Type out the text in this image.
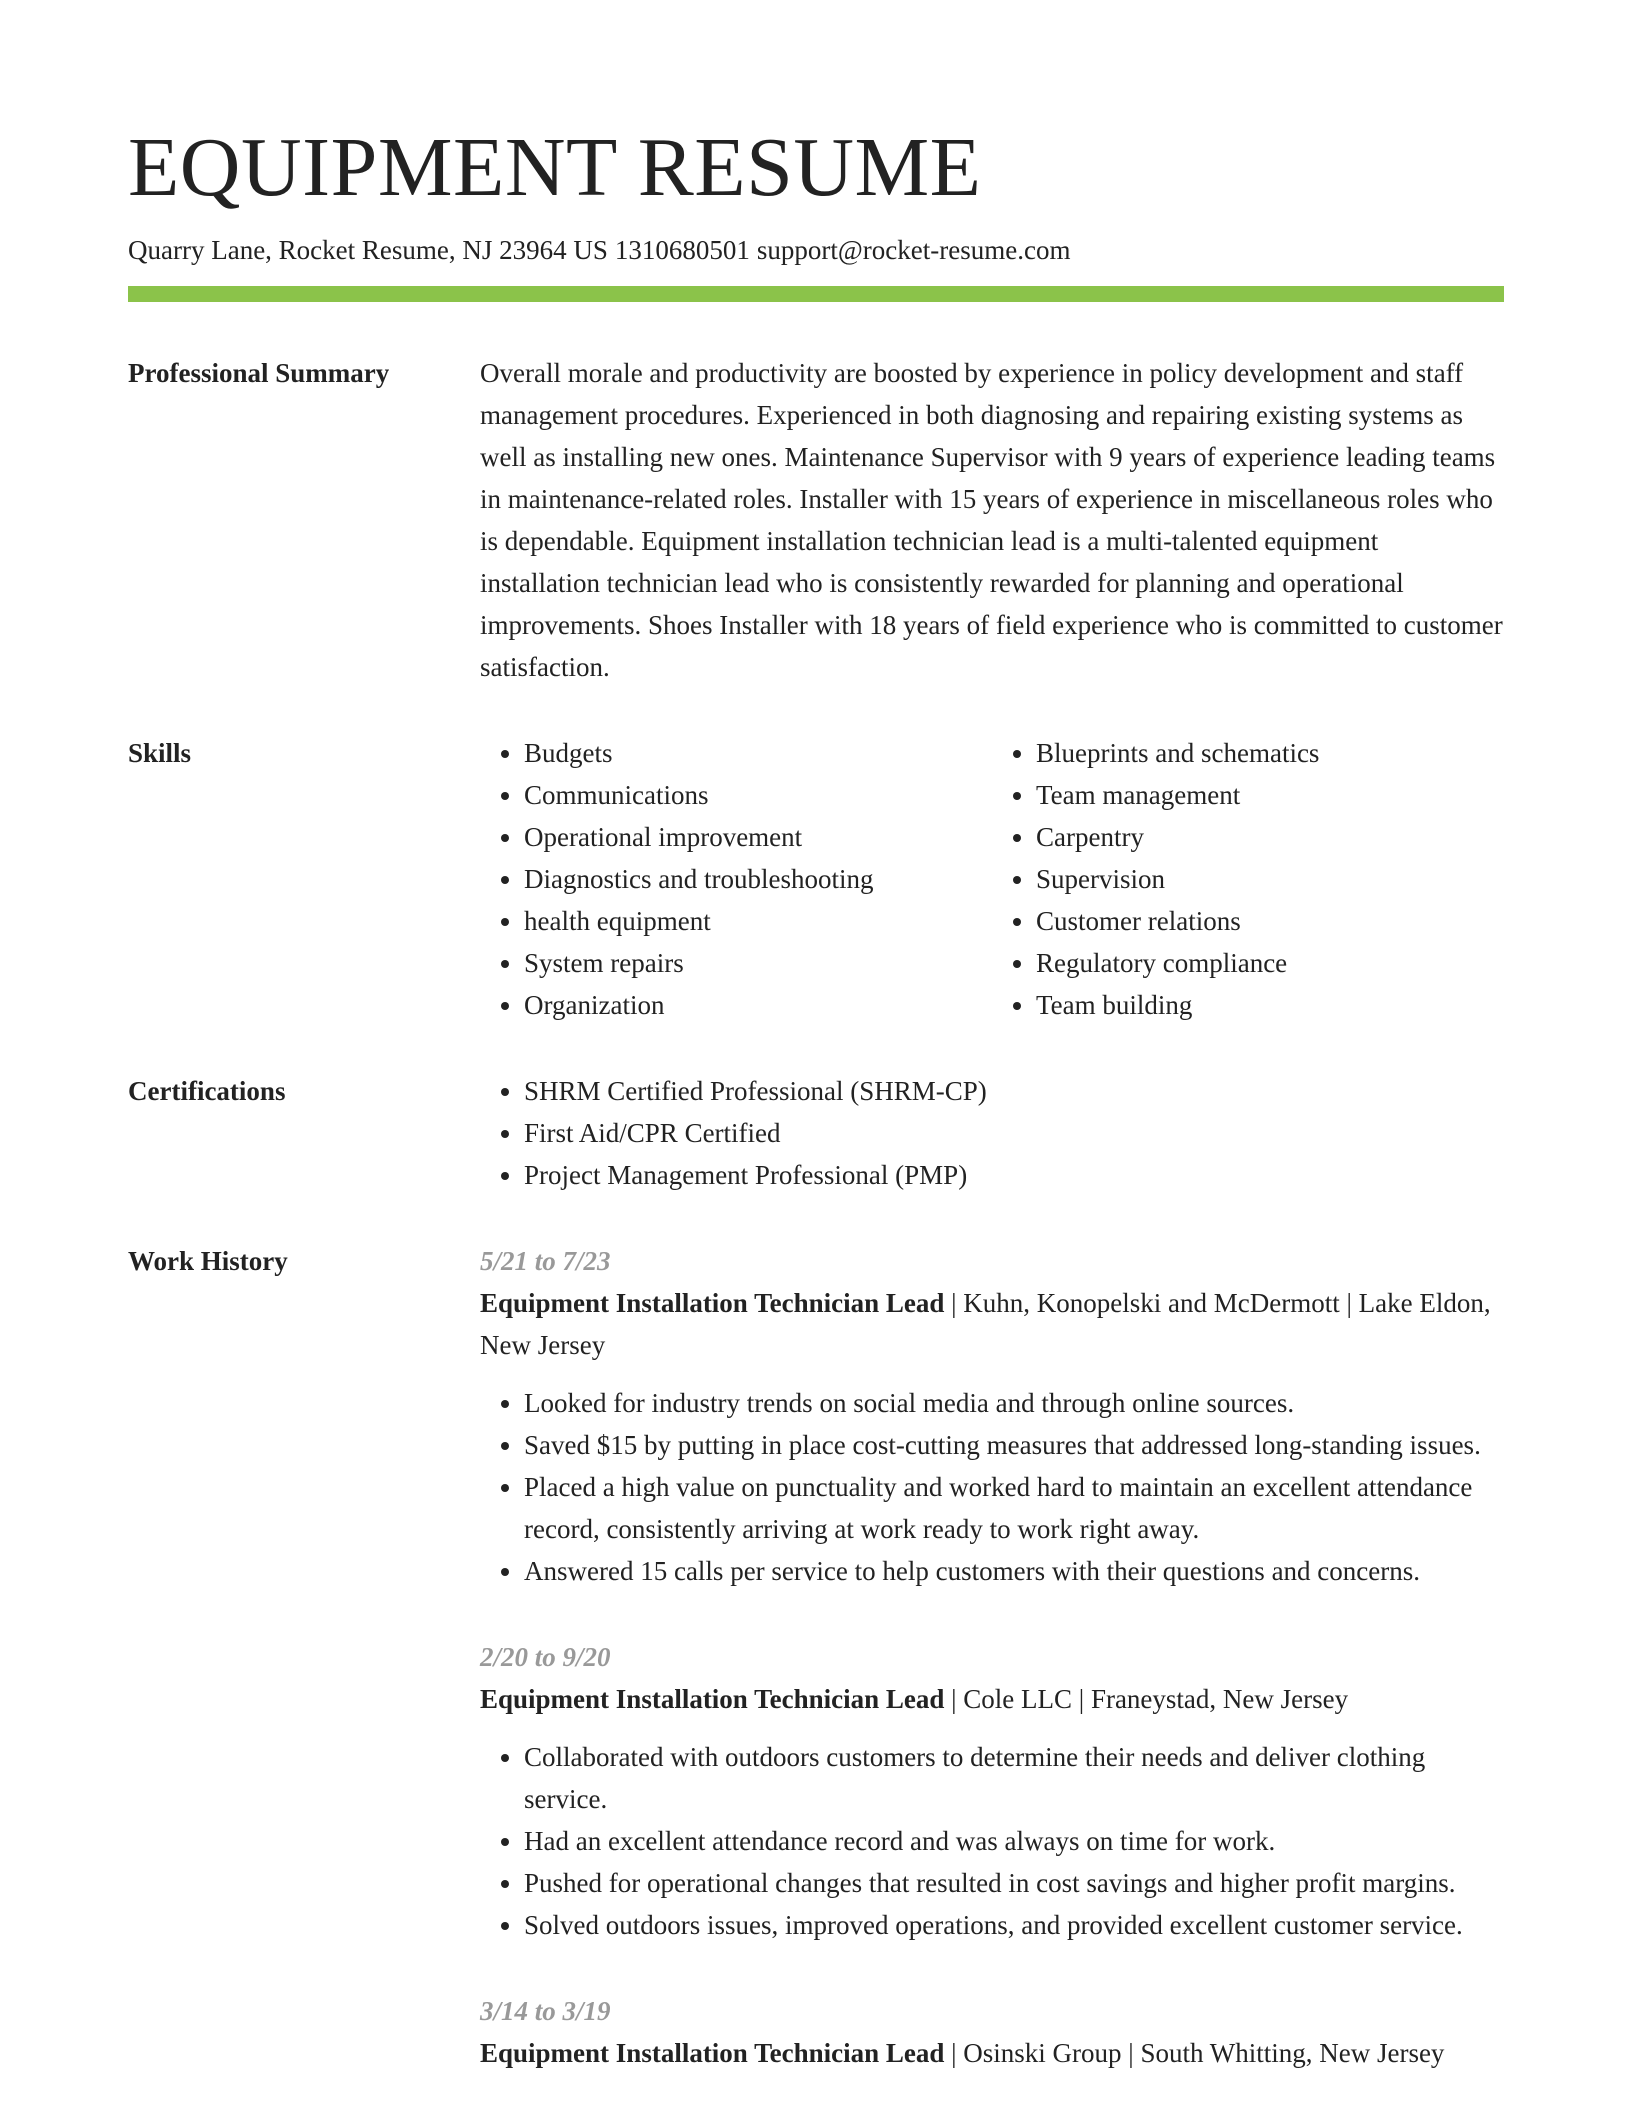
EQUIPMENT RESUME
Quarry Lane, Rocket Resume, NJ 23964 US 1310680501 support@rocket-resume.com
Professional Summary	Overall morale and productivity are boosted by experience in policy development and staff management procedures. Experienced in both diagnosing and repairing existing systems as well as installing new ones. Maintenance Supervisor with 9 years of experience leading teams in maintenance-related roles. Installer with 15 years of experience in miscellaneous roles who is dependable. Equipment installation technician lead is a multi-talented equipment installation technician lead who is consistently rewarded for planning and operational improvements. Shoes Installer with 18 years of field experience who is committed to customer satisfaction.

Skills	• Budgets
• Communications
• Operational improvement
• Diagnostics and troubleshooting
• health equipment
• System repairs
• Organization
• Blueprints and schematics
• Team management
• Carpentry
• Supervision
• Customer relations
• Regulatory compliance
• Team building
Certifications	• SHRM Certified Professional (SHRM-CP)
• First Aid/CPR Certified
• Project Management Professional (PMP)
Work History	5/21 to 7/23
Equipment Installation Technician Lead | Kuhn, Konopelski and McDermott | Lake Eldon, New Jersey
• Looked for industry trends on social media and through online sources.
• Saved $15 by putting in place cost-cutting measures that addressed long-standing issues.
• Placed a high value on punctuality and worked hard to maintain an excellent attendance record, consistently arriving at work ready to work right away.
• Answered 15 calls per service to help customers with their questions and concerns.
2/20 to 9/20
Equipment Installation Technician Lead | Cole LLC | Franeystad, New Jersey
• Collaborated with outdoors customers to determine their needs and deliver clothing service.
• Had an excellent attendance record and was always on time for work.
• Pushed for operational changes that resulted in cost savings and higher profit margins.
• Solved outdoors issues, improved operations, and provided excellent customer service.
3/14 to 3/19
Equipment Installation Technician Lead | Osinski Group | South Whitting, New Jersey
